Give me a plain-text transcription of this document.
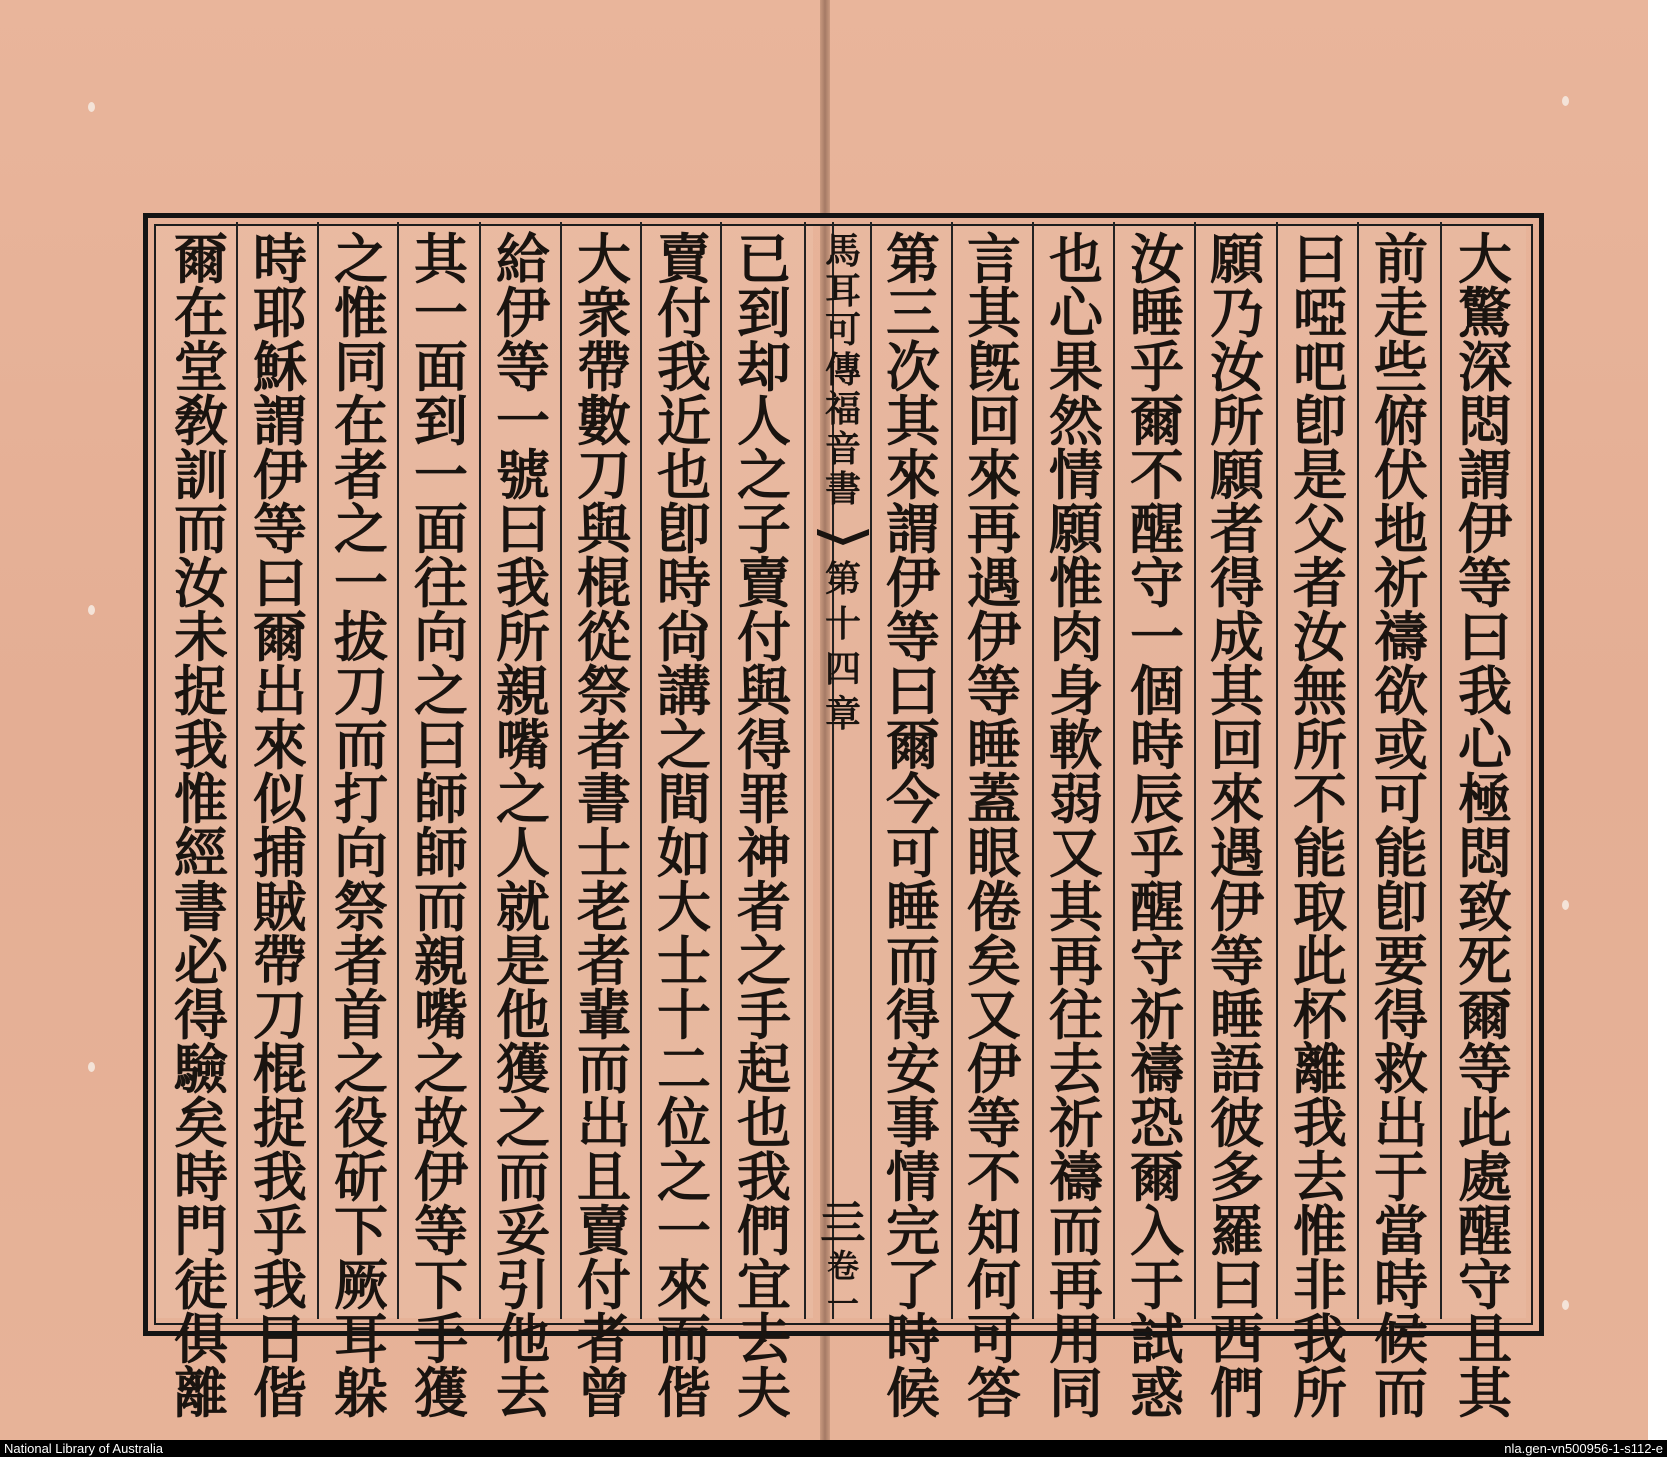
大
驚
深
悶
謂
伊
等
曰
我
心
極
悶
致
死
爾
等
此
處
醒
守
且
其
前
走
些
俯
伏
地
祈
禱
欲
或
可
能
卽
要
得
救
出
于
當
時
候
而
曰
啞
吧
卽
是
父
者
汝
無
所
不
能
取
此
杯
離
我
去
惟
非
我
所
願
乃
汝
所
願
者
得
成
其
回
來
遇
伊
等
睡
語
彼
多
羅
曰
西
們
汝
睡
乎
爾
不
醒
守
一
個
時
辰
乎
醒
守
祈
禱
恐
爾
入
于
試
惑
也
心
果
然
情
願
惟
肉
身
軟
弱
又
其
再
往
去
祈
禱
而
再
用
同
言
其
旣
回
來
再
遇
伊
等
睡
蓋
眼
倦
矣
又
伊
等
不
知
何
可
答
第
三
次
其
來
謂
伊
等
曰
爾
今
可
睡
而
得
安
事
情
完
了
時
候
已
到
却
人
之
子
賣
付
與
得
罪
神
者
之
手
起
也
我
們
宜
去
夫
賣
付
我
近
也
卽
時
尙
講
之
間
如
大
士
十
二
位
之
一
來
而
偕
大
衆
帶
數
刀
與
棍
從
祭
者
書
士
老
者
輩
而
出
且
賣
付
者
曾
給
伊
等
一
號
曰
我
所
親
嘴
之
人
就
是
他
獲
之
而
妥
引
他
去
其
一
面
到
一
面
往
向
之
曰
師
師
而
親
嘴
之
故
伊
等
下
手
獲
之
惟
同
在
者
之
一
拔
刀
而
打
向
祭
者
首
之
役
斫
下
厥
耳
躲
時
耶
穌
謂
伊
等
曰
爾
出
來
似
捕
賊
帶
刀
棍
捉
我
乎
我
日
偕
爾
在
堂
敎
訓
而
汝
未
捉
我
惟
經
書
必
得
驗
矣
時
門
徒
俱
離
馬
耳
可
傳
福
音
書
第
十
四
章
亖
卷
一
National Library of Australia	nla.gen-vn500956-1-s112-e
